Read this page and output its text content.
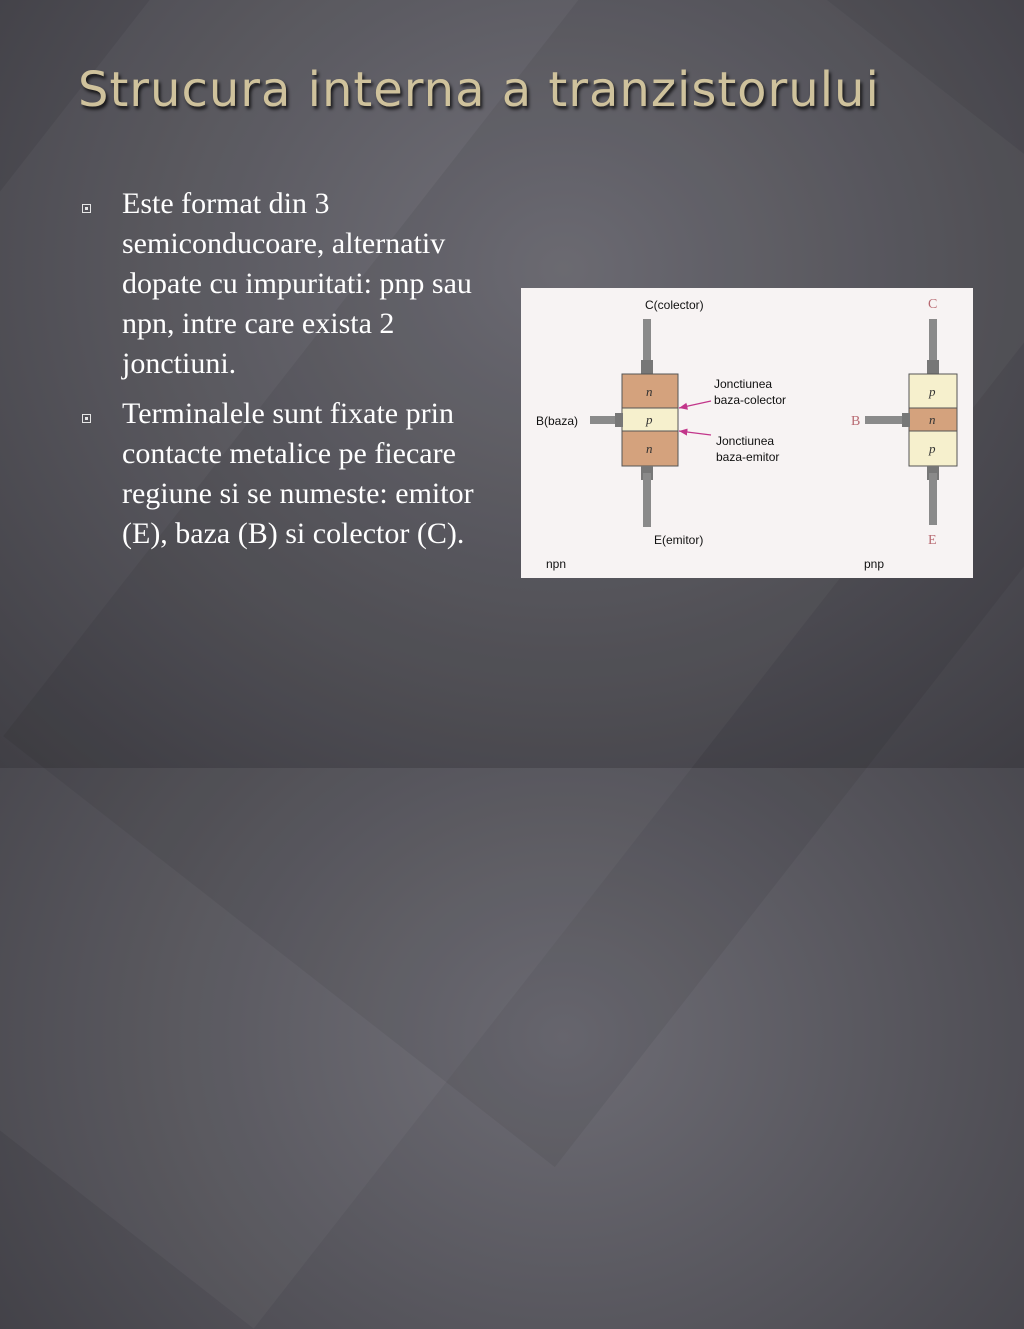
Strucura interna a tranzistorului
Este format din 3 semiconducoare, alternativ dopate cu impuritati: pnp sau npn, intre care exista 2 jonctiuni.
Terminalele sunt fixate prin contacte metalice pe fiecare regiune si se numeste: emitor (E), baza (B) si colector (C).
C(colector)
n
p
n
E(emitor)
B(baza)
Jonctiunea
baza-colector
Jonctiunea
baza-emitor
npn
C
p
n
p
E
B
pnp
